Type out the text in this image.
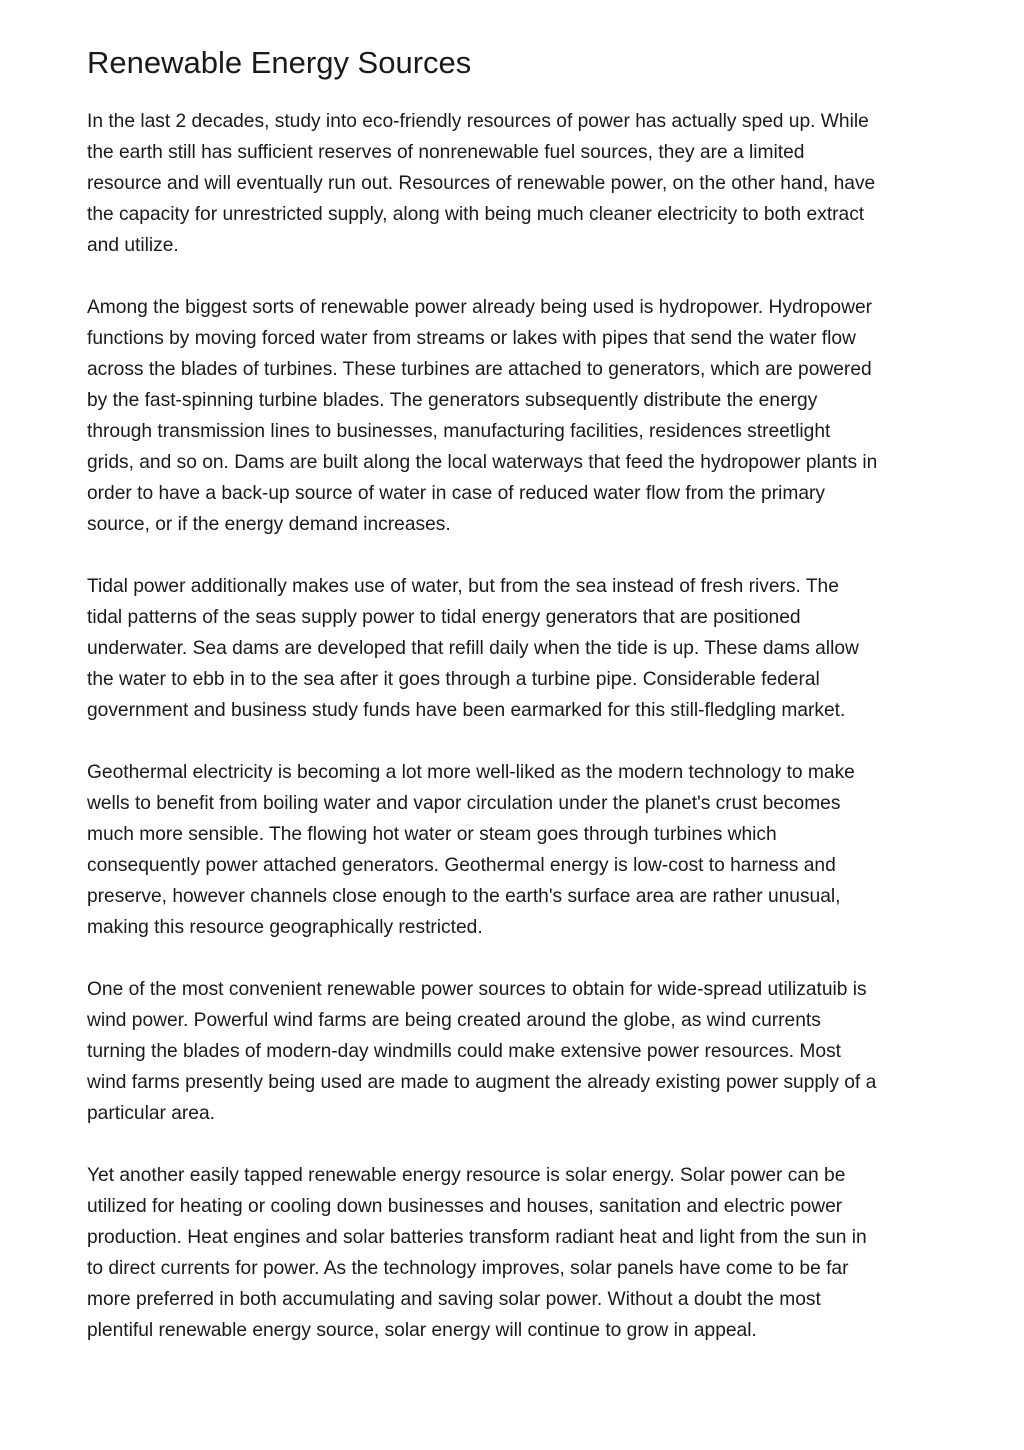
Renewable Energy Sources
In the last 2 decades, study into eco-friendly resources of power has actually sped up. While
the earth still has sufficient reserves of nonrenewable fuel sources, they are a limited
resource and will eventually run out. Resources of renewable power, on the other hand, have
the capacity for unrestricted supply, along with being much cleaner electricity to both extract
and utilize.
Among the biggest sorts of renewable power already being used is hydropower. Hydropower
functions by moving forced water from streams or lakes with pipes that send the water flow
across the blades of turbines. These turbines are attached to generators, which are powered
by the fast-spinning turbine blades. The generators subsequently distribute the energy
through transmission lines to businesses, manufacturing facilities, residences streetlight
grids, and so on. Dams are built along the local waterways that feed the hydropower plants in
order to have a back-up source of water in case of reduced water flow from the primary
source, or if the energy demand increases.
Tidal power additionally makes use of water, but from the sea instead of fresh rivers. The
tidal patterns of the seas supply power to tidal energy generators that are positioned
underwater. Sea dams are developed that refill daily when the tide is up. These dams allow
the water to ebb in to the sea after it goes through a turbine pipe. Considerable federal
government and business study funds have been earmarked for this still-fledgling market.
Geothermal electricity is becoming a lot more well-liked as the modern technology to make
wells to benefit from boiling water and vapor circulation under the planet's crust becomes
much more sensible. The flowing hot water or steam goes through turbines which
consequently power attached generators. Geothermal energy is low-cost to harness and
preserve, however channels close enough to the earth's surface area are rather unusual,
making this resource geographically restricted.
One of the most convenient renewable power sources to obtain for wide-spread utilizatuib is
wind power. Powerful wind farms are being created around the globe, as wind currents
turning the blades of modern-day windmills could make extensive power resources. Most
wind farms presently being used are made to augment the already existing power supply of a
particular area.
Yet another easily tapped renewable energy resource is solar energy. Solar power can be
utilized for heating or cooling down businesses and houses, sanitation and electric power
production. Heat engines and solar batteries transform radiant heat and light from the sun in
to direct currents for power. As the technology improves, solar panels have come to be far
more preferred in both accumulating and saving solar power. Without a doubt the most
plentiful renewable energy source, solar energy will continue to grow in appeal.
